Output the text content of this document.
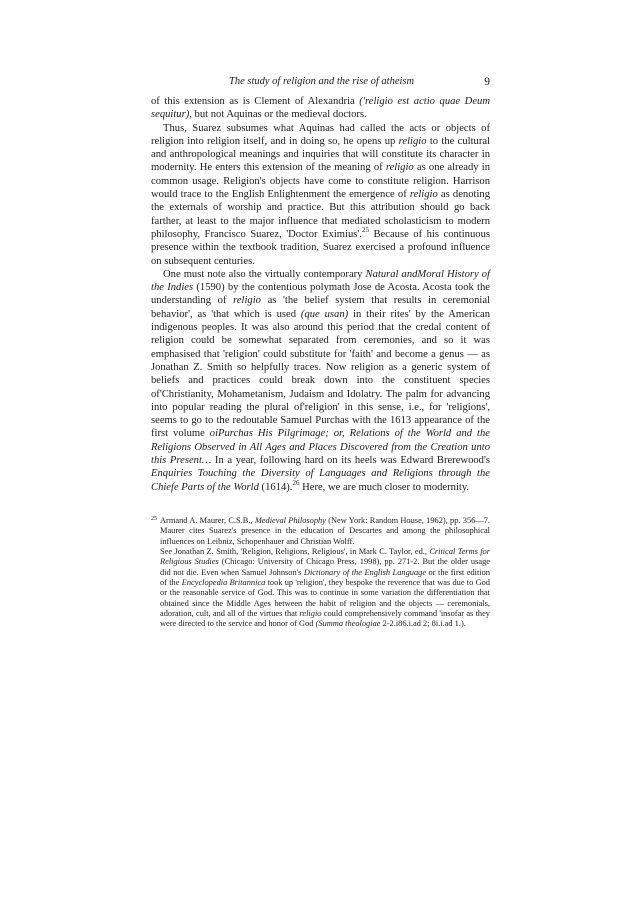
The study of religion and the rise of atheism	9

of this extension as is Clement of Alexandria ('religio est actio quae Deum sequitur), but not Aquinas or the medieval doctors.

Thus, Suarez subsumes what Aquinas had called the acts or objects of religion into religion itself, and in doing so, he opens up religio to the cultural and anthropological meanings and inquiries that will constitute its character in modernity. He enters this extension of the meaning of religio as one already in common usage. Religion's objects have come to constitute religion. Harrison would trace to the English Enlightenment the emergence of religio as denoting the externals of worship and practice. But this attribution should go back farther, at least to the major influence that mediated scholasticism to modern philosophy, Francisco Suarez, 'Doctor Eximius'.$^{25}$ Because of his continuous presence within the textbook tradition, Suarez exercised a profound influence on subsequent centuries.

One must note also the virtually contemporary Natural andMoral History of the Indies (1590) by the contentious polymath Jose de Acosta. Acosta took the understanding of religio as 'the belief system that results in ceremonial behavior', as 'that which is used (que usan) in their rites' by the American indigenous peoples. It was also around this period that the credal content of religion could be somewhat separated from ceremonies, and so it was emphasised that 'religion' could substitute for 'faith' and become a genus — as Jonathan Z. Smith so helpfully traces. Now religion as a generic system of beliefs and practices could break down into the constituent species of'Christianity, Mohametanism, Judaism and Idolatry. The palm for advancing into popular reading the plural of'religion' in this sense, i.e., for 'religions', seems to go to the redoutable Samuel Purchas with the 1613 appearance of the first volume oiPurchas His Pilgrimage; or, Relations of the World and the Religions Observed in All Ages and Places Discovered from the Creation unto this Present… In a year, following hard on its heels was Edward Brerewood's Enquiries Touching the Diversity of Languages and Religions through the Chiefe Parts of the World (1614).$^{26}$ Here, we are much closer to modernity.

25 Armand A. Maurer, C.S.B., Medieval Philosophy (New York: Random House, 1962), pp. 356—7. Maurer cites Suarez's presence in the education of Descartes and among the philosophical influences on Leibniz, Schopenhauer and Christian Wolff.

See Jonathan Z. Smith, 'Religion, Religions, Religious', in Mark C. Taylor, ed., Critical Terms for Religious Studies (Chicago: University of Chicago Press, 1998), pp. 271-2. But the older usage did not die. Even when Samuel Johnson's Dictionary of the English Language or the first edition of the Encyclopedia Britannica took up 'religion', they bespoke the reverence that was due to God or the reasonable service of God. This was to continue in some variation the differentiation that obtained since the Middle Ages between the habit of religion and the objects — ceremonials, adoration, cult, and all of the virtues that religio could comprehensively command 'insofar as they were directed to the service and honor of God (Summa theologiae 2-2.i86.i.ad 2; 8i.i.ad 1.).
